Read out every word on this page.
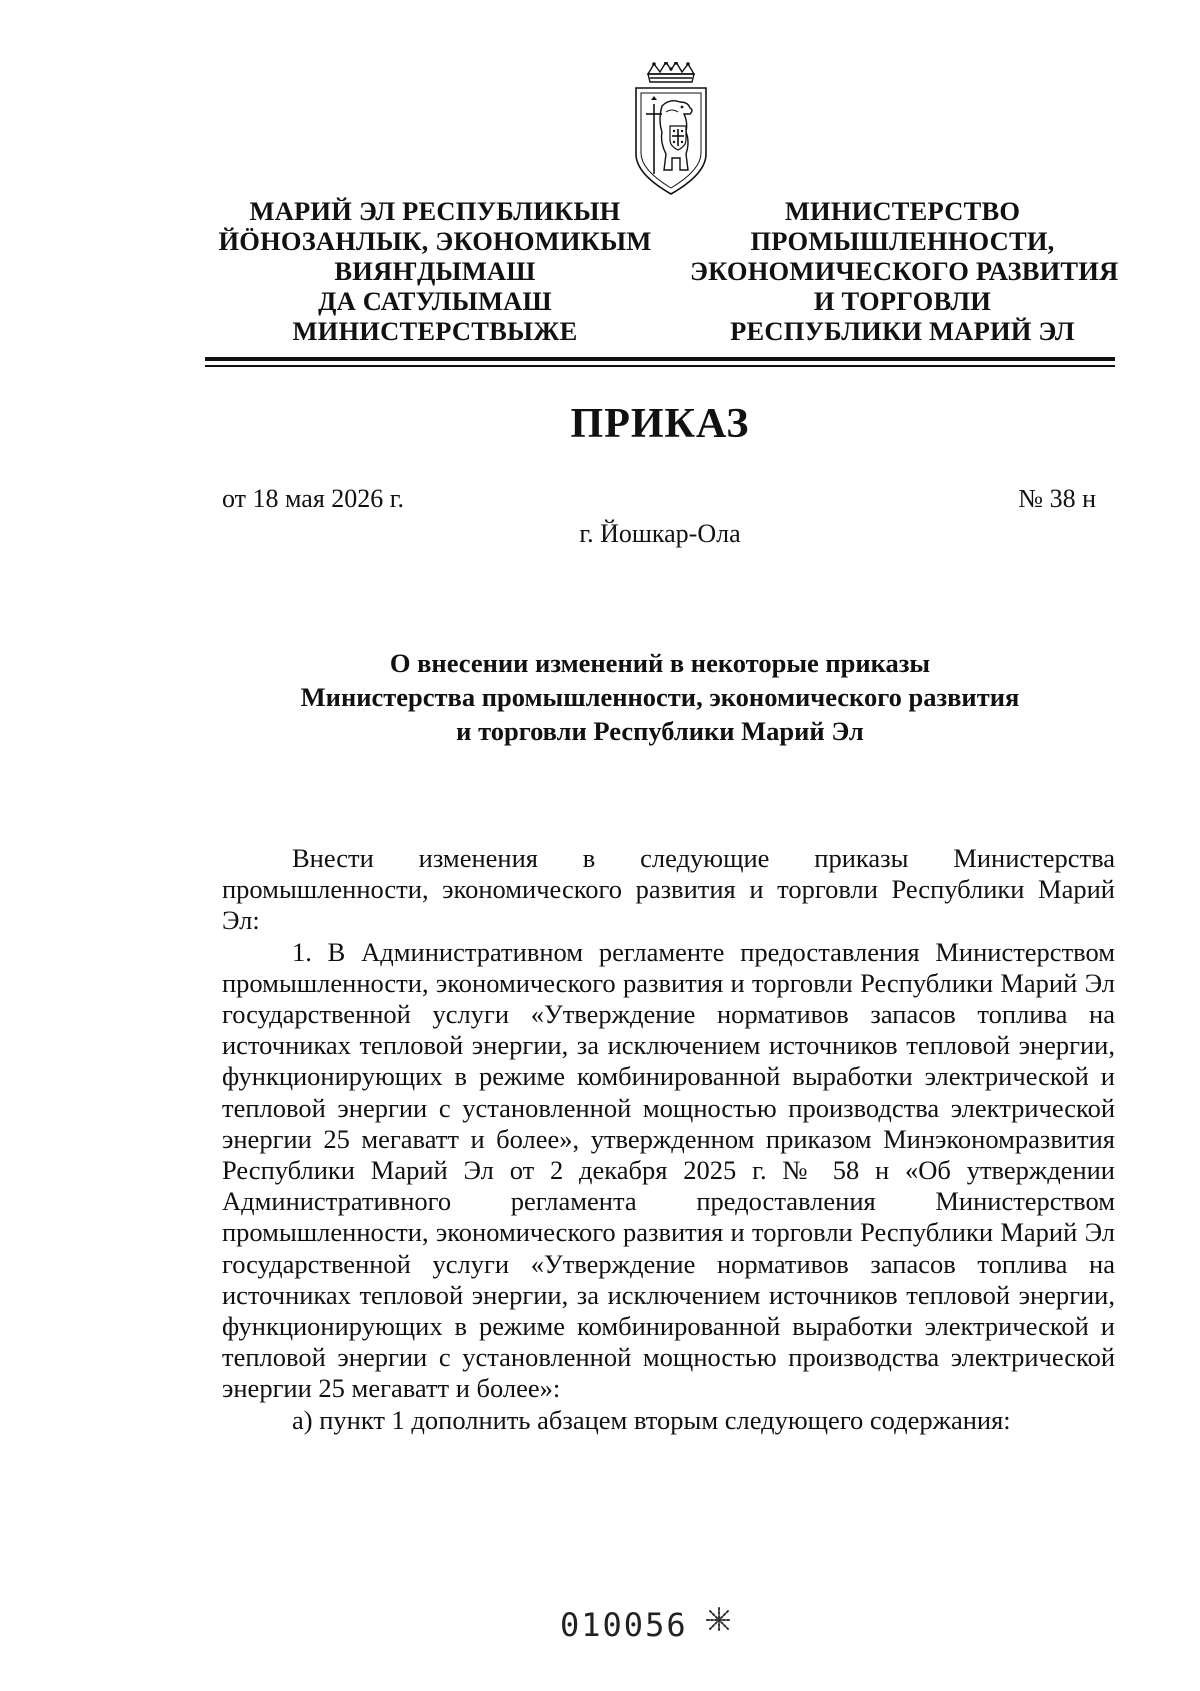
МАРИЙ ЭЛ РЕСПУБЛИКЫН
ЙӦНОЗАНЛЫК, ЭКОНОМИКЫМ
ВИЯҤДЫМАШ
ДА САТУЛЫМАШ
МИНИСТЕРСТВЫЖЕ
МИНИСТЕРСТВО
ПРОМЫШЛЕННОСТИ,
ЭКОНОМИЧЕСКОГО РАЗВИТИЯ
И ТОРГОВЛИ
РЕСПУБЛИКИ МАРИЙ ЭЛ
ПРИКАЗ
от 18 мая 2026 г.	№ 38 н
г. Йошкар-Ола
О внесении изменений в некоторые приказы
Министерства промышленности, экономического развития
и торговли Республики Марий Эл

Внести изменения в следующие приказы Министерства промышленности, экономического развития и торговли Республики Марий Эл:

1. В Административном регламенте предоставления Министерством промышленности, экономического развития и торговли Республики Марий Эл государственной услуги «Утверждение нормативов запасов топлива на источниках тепловой энергии, за исключением источников тепловой энергии, функционирующих в режиме комбинированной выработки электрической и тепловой энергии с установленной мощностью производства электрической энергии 25 мегаватт и более», утвержденном приказом Минэкономразвития Республики Марий Эл от 2 декабря 2025 г. № 58 н «Об утверждении Административного регламента предоставления Министерством промышленности, экономического развития и торговли Республики Марий Эл государственной услуги «Утверждение нормативов запасов топлива на источниках тепловой энергии, за исключением источников тепловой энергии, функционирующих в режиме комбинированной выработки электрической и тепловой энергии с установленной мощностью производства электрической энергии 25 мегаватт и более»:

а) пункт 1 дополнить абзацем вторым следующего содержания:

010056
